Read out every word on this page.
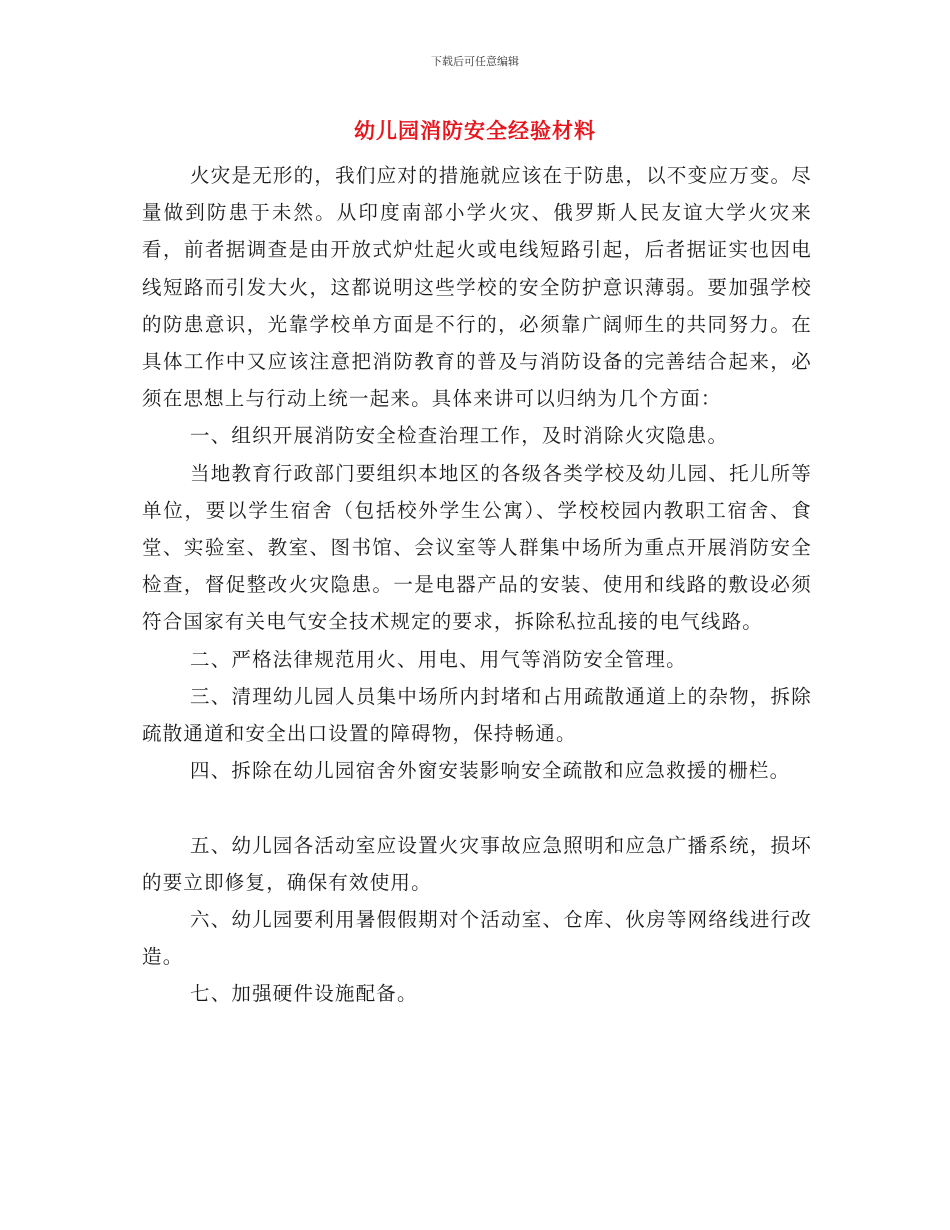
下载后可任意编辑
幼儿园消防安全经验材料

火灾是无形的，我们应对的措施就应该在于防患，以不变应万变。尽量做到防患于未然。从印度南部小学火灾、俄罗斯人民友谊大学火灾来看，前者据调查是由开放式炉灶起火或电线短路引起，后者据证实也因电线短路而引发大火，这都说明这些学校的安全防护意识薄弱。要加强学校的防患意识，光靠学校单方面是不行的，必须靠广阔师生的共同努力。在具体工作中又应该注意把消防教育的普及与消防设备的完善结合起来，必须在思想上与行动上统一起来。具体来讲可以归纳为几个方面：

一、组织开展消防安全检查治理工作，及时消除火灾隐患。

当地教育行政部门要组织本地区的各级各类学校及幼儿园、托儿所等单位，要以学生宿舍（包括校外学生公寓）、学校校园内教职工宿舍、食堂、实验室、教室、图书馆、会议室等人群集中场所为重点开展消防安全检查，督促整改火灾隐患。一是电器产品的安装、使用和线路的敷设必须符合国家有关电气安全技术规定的要求，拆除私拉乱接的电气线路。

二、严格法律规范用火、用电、用气等消防安全管理。

三、清理幼儿园人员集中场所内封堵和占用疏散通道上的杂物，拆除疏散通道和安全出口设置的障碍物，保持畅通。

四、拆除在幼儿园宿舍外窗安装影响安全疏散和应急救援的栅栏。

五、幼儿园各活动室应设置火灾事故应急照明和应急广播系统，损坏的要立即修复，确保有效使用。

六、幼儿园要利用暑假假期对个活动室、仓库、伙房等网络线进行改造。

七、加强硬件设施配备。
